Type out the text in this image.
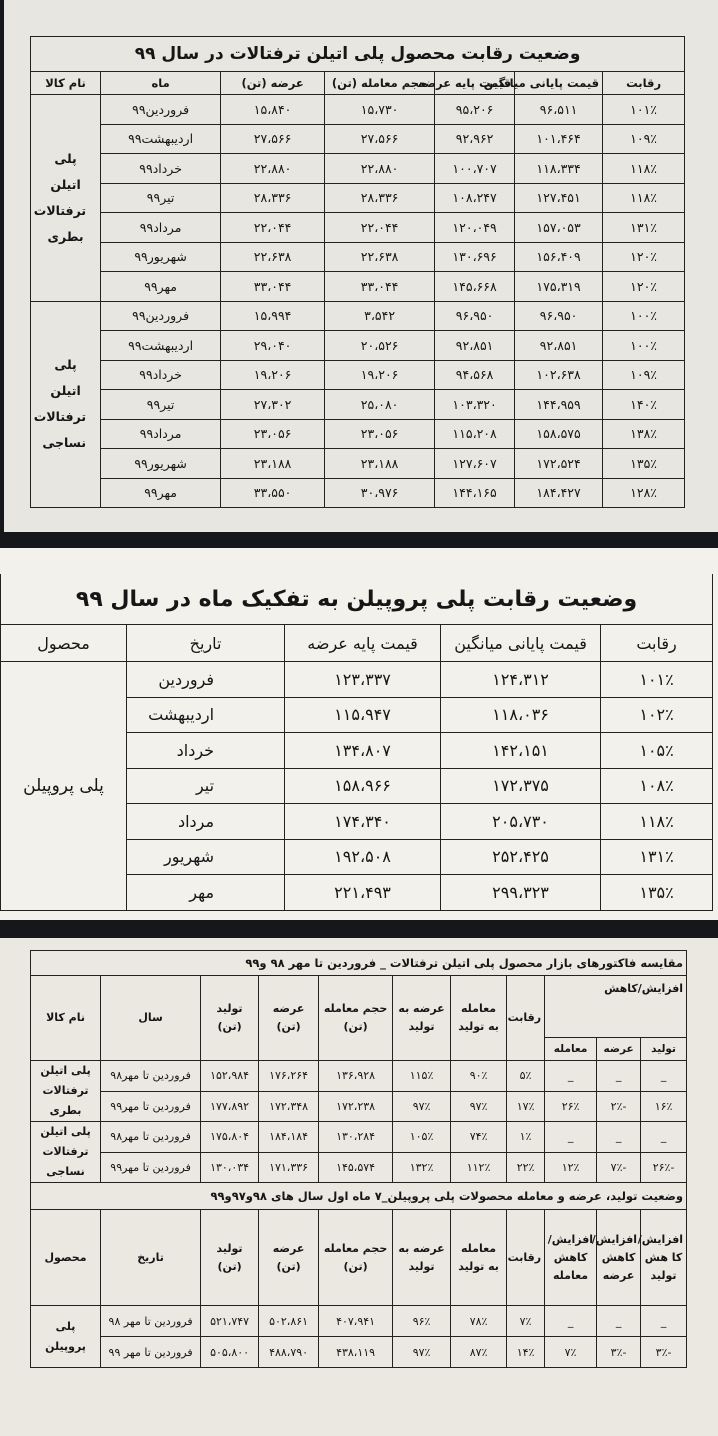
وضعیت رقابت محصول پلی اتیلن ترفتالات در سال ۹۹						
رقابت	قیمت پایانی میانگین	قیمت پایه عرضه	حجم معامله (تن)	عرضه (تن)	ماه	نام کالا
۱۰۱٪	۹۶،۵۱۱	۹۵،۲۰۶	۱۵،۷۳۰	۱۵،۸۴۰	فروردین۹۹	پلی اتیلن ترفتالات بطری
۱۰۹٪	۱۰۱،۴۶۴	۹۲،۹۶۲	۲۷،۵۶۶	۲۷،۵۶۶	اردیبهشت۹۹	
۱۱۸٪	۱۱۸،۳۳۴	۱۰۰،۷۰۷	۲۲،۸۸۰	۲۲،۸۸۰	خرداد۹۹	
۱۱۸٪	۱۲۷،۴۵۱	۱۰۸،۲۴۷	۲۸،۳۳۶	۲۸،۳۳۶	تیر۹۹	
۱۳۱٪	۱۵۷،۰۵۳	۱۲۰،۰۴۹	۲۲،۰۴۴	۲۲،۰۴۴	مرداد۹۹	
۱۲۰٪	۱۵۶،۴۰۹	۱۳۰،۶۹۶	۲۲،۶۳۸	۲۲،۶۳۸	شهریور۹۹	
۱۲۰٪	۱۷۵،۳۱۹	۱۴۵،۶۶۸	۳۳،۰۴۴	۳۳،۰۴۴	مهر۹۹	
۱۰۰٪	۹۶،۹۵۰	۹۶،۹۵۰	۳،۵۴۲	۱۵،۹۹۴	فروردین۹۹	پلی اتیلن ترفتالات نساجی
۱۰۰٪	۹۲،۸۵۱	۹۲،۸۵۱	۲۰،۵۲۶	۲۹،۰۴۰	اردیبهشت۹۹	
۱۰۹٪	۱۰۲،۶۳۸	۹۴،۵۶۸	۱۹،۲۰۶	۱۹،۲۰۶	خرداد۹۹	
۱۴۰٪	۱۴۴،۹۵۹	۱۰۳،۳۲۰	۲۵،۰۸۰	۲۷،۳۰۲	تیر۹۹	
۱۳۸٪	۱۵۸،۵۷۵	۱۱۵،۲۰۸	۲۳،۰۵۶	۲۳،۰۵۶	مرداد۹۹	
۱۳۵٪	۱۷۲،۵۲۴	۱۲۷،۶۰۷	۲۳،۱۸۸	۲۳،۱۸۸	شهریور۹۹	
۱۲۸٪	۱۸۴،۴۲۷	۱۴۴،۱۶۵	۳۰،۹۷۶	۳۳،۵۵۰	مهر۹۹	
وضعیت رقابت پلی پروپیلن به تفکیک ماه در سال ۹۹				
رقابت	قیمت پایانی میانگین	قیمت پایه عرضه	تاریخ	محصول
۱۰۱٪	۱۲۴،۳۱۲	۱۲۳،۳۳۷	فروردین	پلی پروپیلن
۱۰۲٪	۱۱۸،۰۳۶	۱۱۵،۹۴۷	اردیبهشت	
۱۰۵٪	۱۴۲،۱۵۱	۱۳۴،۸۰۷	خرداد	
۱۰۸٪	۱۷۲،۳۷۵	۱۵۸،۹۶۶	تیر	
۱۱۸٪	۲۰۵،۷۳۰	۱۷۴،۳۴۰	مرداد	
۱۳۱٪	۲۵۲،۴۲۵	۱۹۲،۵۰۸	شهریور	
۱۳۵٪	۲۹۹،۳۲۳	۲۲۱،۴۹۳	مهر	
مقایسه فاکتورهای بازار محصول پلی اتیلن ترفتالات _ فروردین تا مهر ۹۸ و۹۹										
افزایش/کاهش			رقابت	معامله به تولید	عرضه به تولید	حجم معامله (تن)	عرضه (تن)	تولید (تن)	سال	نام کالا
تولید	عرضه	معامله								
_	_	_	۵٪	۹۰٪	۱۱۵٪	۱۳۶،۹۲۸	۱۷۶،۲۶۴	۱۵۲،۹۸۴	فروردین تا مهر۹۸	پلی اتیلن ترفتالات بطری
۱۶٪	-۲٪	۲۶٪	۱۷٪	۹۷٪	۹۷٪	۱۷۲،۲۳۸	۱۷۲،۳۴۸	۱۷۷،۸۹۲	فروردین تا مهر۹۹	
_	_	_	۱٪	۷۴٪	۱۰۵٪	۱۳۰،۲۸۴	۱۸۴،۱۸۴	۱۷۵،۸۰۴	فروردین تا مهر۹۸	پلی اتیلن ترفتالات نساجی
-۲۶٪	-۷٪	۱۲٪	۲۲٪	۱۱۲٪	۱۳۲٪	۱۴۵،۵۷۴	۱۷۱،۳۳۶	۱۳۰،۰۳۴	فروردین تا مهر۹۹	
وضعیت تولید، عرضه و معامله محصولات پلی پروپیلن_۷ ماه اول سال های ۹۸و۹۷و۹۹										
افزایش/کا هش تولید	افزایش/ کاهش عرضه	افزایش/ کاهش معامله	رقابت	معامله به تولید	عرضه به تولید	حجم معامله (تن)	عرضه (تن)	تولید (تن)	تاریخ	محصول
_	_	_	۷٪	۷۸٪	۹۶٪	۴۰۷،۹۴۱	۵۰۲،۸۶۱	۵۲۱،۷۴۷	فروردین تا مهر ۹۸	پلی پروپیلن
-۳٪	-۳٪	۷٪	۱۴٪	۸۷٪	۹۷٪	۴۳۸،۱۱۹	۴۸۸،۷۹۰	۵۰۵،۸۰۰	فروردین تا مهر ۹۹	
